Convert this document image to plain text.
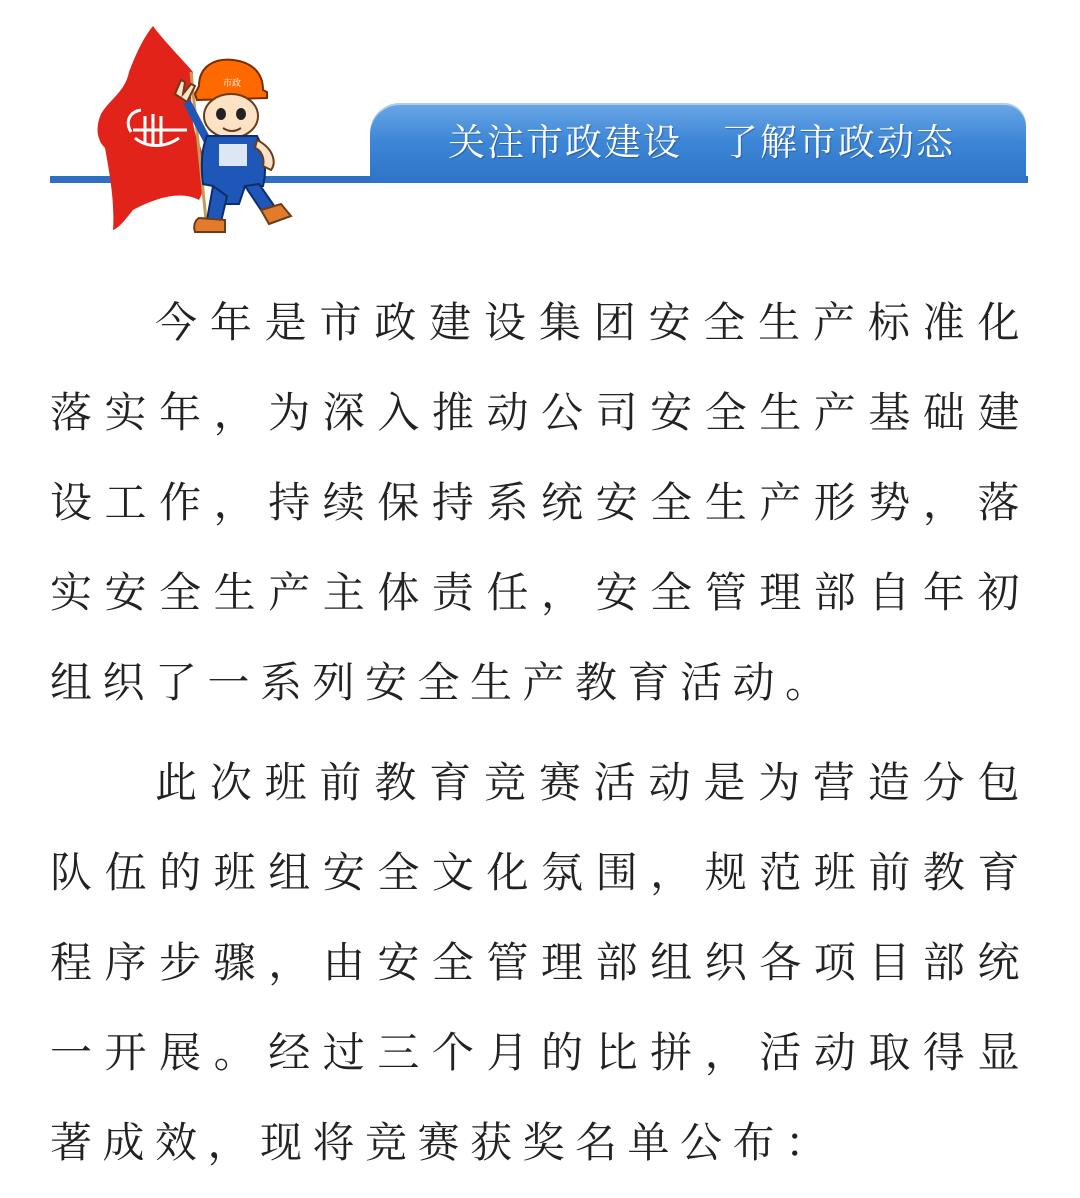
关注市政建设　了解市政动态
市政

今年是市政建设集团安全生产标准化落实年，为深入推动公司安全生产基础建设工作，持续保持系统安全生产形势，落实安全生产主体责任，安全管理部自年初组织了一系列安全生产教育活动。

此次班前教育竞赛活动是为营造分包队伍的班组安全文化氛围，规范班前教育程序步骤，由安全管理部组织各项目部统一开展。经过三个月的比拼，活动取得显著成效，现将竞赛获奖名单公布：
